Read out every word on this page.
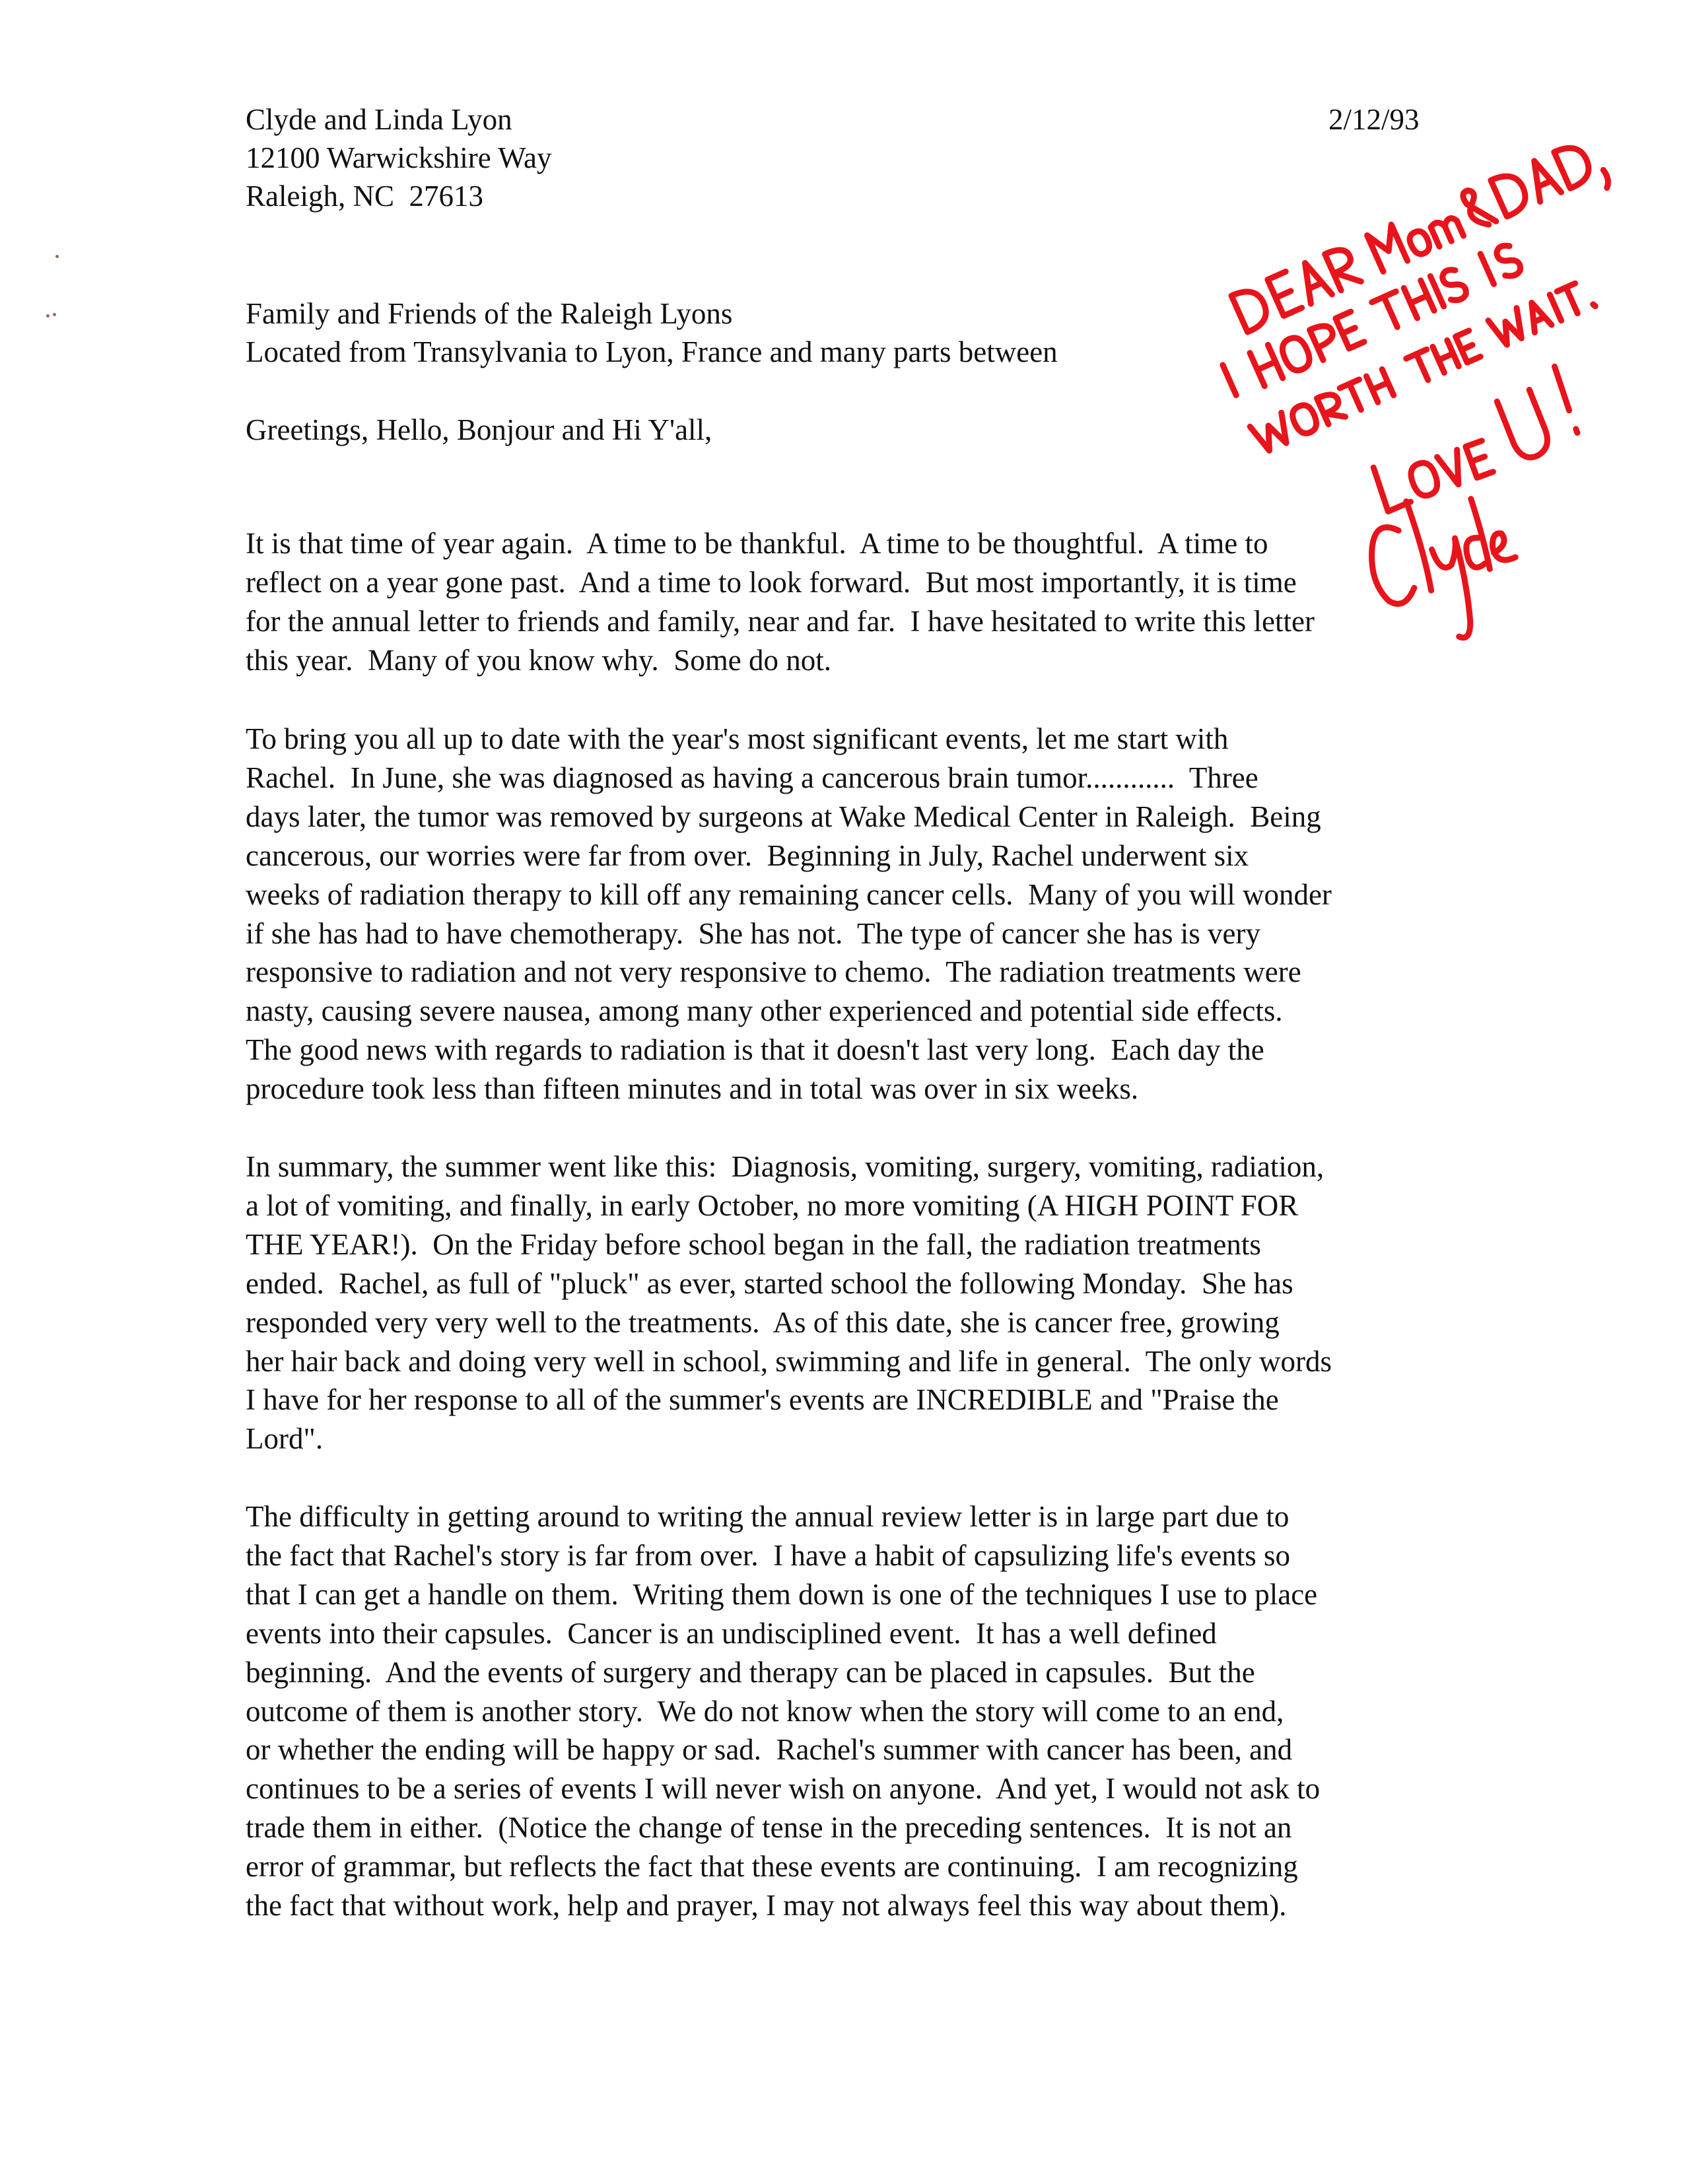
Clyde and Linda Lyon
12100 Warwickshire Way
Raleigh, NC  27613
2/12/93
Family and Friends of the Raleigh Lyons
Located from Transylvania to Lyon, France and many parts between
Greetings, Hello, Bonjour and Hi Y'all,
It is that time of year again.  A time to be thankful.  A time to be thoughtful.  A time to
reflect on a year gone past.  And a time to look forward.  But most importantly, it is time
for the annual letter to friends and family, near and far.  I have hesitated to write this letter
this year.  Many of you know why.  Some do not.
To bring you all up to date with the year's most significant events, let me start with
Rachel.  In June, she was diagnosed as having a cancerous brain tumor............  Three
days later, the tumor was removed by surgeons at Wake Medical Center in Raleigh.  Being
cancerous, our worries were far from over.  Beginning in July, Rachel underwent six
weeks of radiation therapy to kill off any remaining cancer cells.  Many of you will wonder
if she has had to have chemotherapy.  She has not.  The type of cancer she has is very
responsive to radiation and not very responsive to chemo.  The radiation treatments were
nasty, causing severe nausea, among many other experienced and potential side effects.
The good news with regards to radiation is that it doesn't last very long.  Each day the
procedure took less than fifteen minutes and in total was over in six weeks.
In summary, the summer went like this:  Diagnosis, vomiting, surgery, vomiting, radiation,
a lot of vomiting, and finally, in early October, no more vomiting (A HIGH POINT FOR
THE YEAR!).  On the Friday before school began in the fall, the radiation treatments
ended.  Rachel, as full of "pluck" as ever, started school the following Monday.  She has
responded very very well to the treatments.  As of this date, she is cancer free, growing
her hair back and doing very well in school, swimming and life in general.  The only words
I have for her response to all of the summer's events are INCREDIBLE and "Praise the
Lord".
The difficulty in getting around to writing the annual review letter is in large part due to
the fact that Rachel's story is far from over.  I have a habit of capsulizing life's events so
that I can get a handle on them.  Writing them down is one of the techniques I use to place
events into their capsules.  Cancer is an undisciplined event.  It has a well defined
beginning.  And the events of surgery and therapy can be placed in capsules.  But the
outcome of them is another story.  We do not know when the story will come to an end,
or whether the ending will be happy or sad.  Rachel's summer with cancer has been, and
continues to be a series of events I will never wish on anyone.  And yet, I would not ask to
trade them in either.  (Notice the change of tense in the preceding sentences.  It is not an
error of grammar, but reflects the fact that these events are continuing.  I am recognizing
the fact that without work, help and prayer, I may not always feel this way about them).
